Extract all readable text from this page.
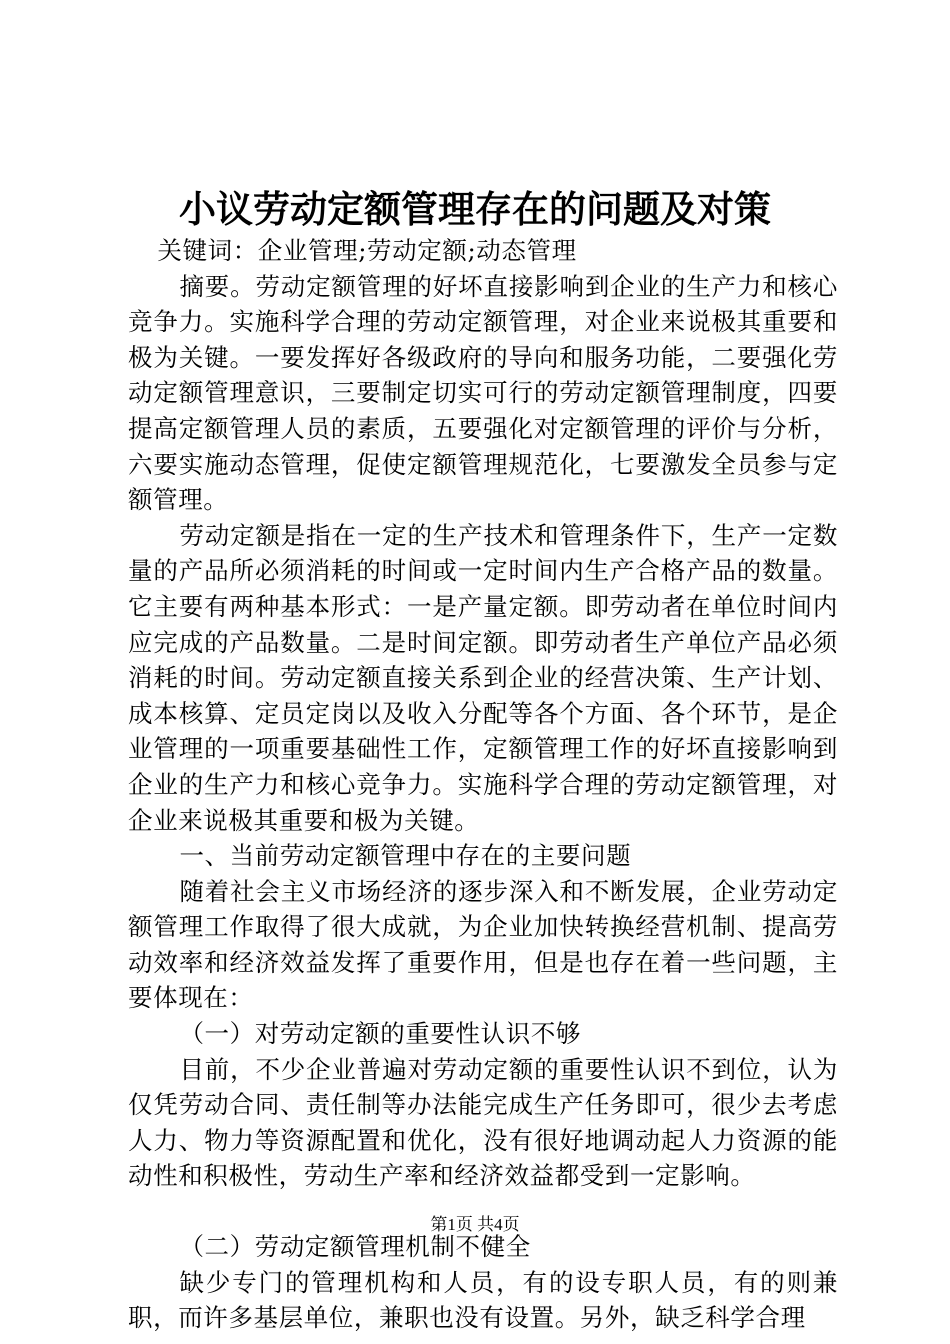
小议劳动定额管理存在的问题及对策

关键词：企业管理;劳动定额;动态管理

摘要。劳动定额管理的好坏直接影响到企业的生产力和核心竞争力。实施科学合理的劳动定额管理，对企业来说极其重要和极为关键。一要发挥好各级政府的导向和服务功能，二要强化劳动定额管理意识，三要制定切实可行的劳动定额管理制度，四要提高定额管理人员的素质，五要强化对定额管理的评价与分析，六要实施动态管理，促使定额管理规范化，七要激发全员参与定额管理。

劳动定额是指在一定的生产技术和管理条件下，生产一定数量的产品所必须消耗的时间或一定时间内生产合格产品的数量。它主要有两种基本形式：一是产量定额。即劳动者在单位时间内应完成的产品数量。二是时间定额。即劳动者生产单位产品必须消耗的时间。劳动定额直接关系到企业的经营决策、生产计划、成本核算、定员定岗以及收入分配等各个方面、各个环节，是企业管理的一项重要基础性工作，定额管理工作的好坏直接影响到企业的生产力和核心竞争力。实施科学合理的劳动定额管理，对企业来说极其重要和极为关键。

一、当前劳动定额管理中存在的主要问题

随着社会主义市场经济的逐步深入和不断发展，企业劳动定额管理工作取得了很大成就，为企业加快转换经营机制、提高劳动效率和经济效益发挥了重要作用，但是也存在着一些问题，主要体现在：

（一）对劳动定额的重要性认识不够

目前，不少企业普遍对劳动定额的重要性认识不到位，认为仅凭劳动合同、责任制等办法能完成生产任务即可，很少去考虑人力、物力等资源配置和优化，没有很好地调动起人力资源的能动性和积极性，劳动生产率和经济效益都受到一定影响。

（二）劳动定额管理机制不健全

缺少专门的管理机构和人员，有的设专职人员，有的则兼职，而许多基层单位，兼职也没有设置。另外，缺乏科学合理

第1页 共4页
